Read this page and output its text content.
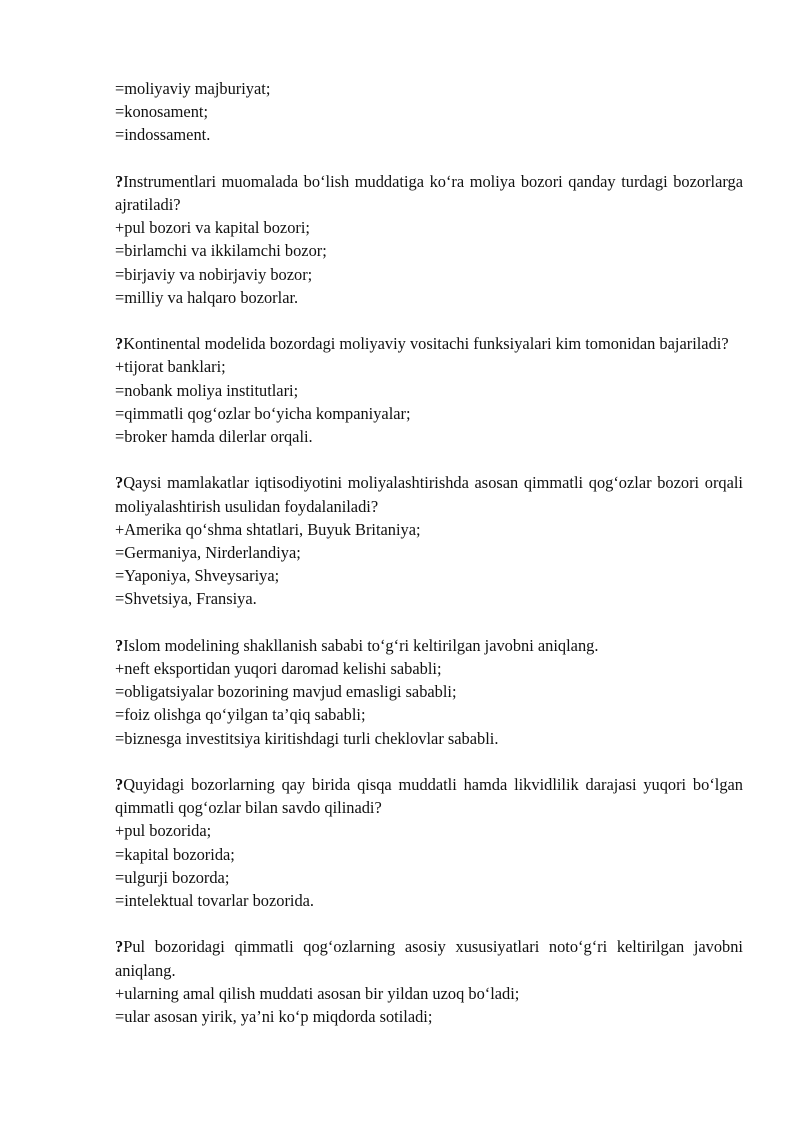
=moliyaviy majburiyat;

=konosament;

=indossament.

?Instrumentlari muomalada bo‘lish muddatiga ko‘ra moliya bozori qanday turdagi bozorlarga ajratiladi?

+pul bozori va kapital bozori;

=birlamchi va ikkilamchi bozor;

=birjaviy va nobirjaviy bozor;

=milliy va halqaro bozorlar.

?Kontinental modelida bozordagi moliyaviy vositachi funksiyalari kim tomonidan bajariladi?

+tijorat banklari;

=nobank moliya institutlari;

=qimmatli qog‘ozlar bo‘yicha kompaniyalar;

=broker hamda dilerlar orqali.

?Qaysi mamlakatlar iqtisodiyotini moliyalashtirishda asosan qimmatli qog‘ozlar bozori orqali moliyalashtirish usulidan foydalaniladi?

+Amerika qo‘shma shtatlari, Buyuk Britaniya;

=Germaniya, Nirderlandiya;

=Yaponiya, Shveysariya;

=Shvetsiya, Fransiya.

?Islom modelining shakllanish sababi to‘g‘ri keltirilgan javobni aniqlang.

+neft eksportidan yuqori daromad kelishi sababli;

=obligatsiyalar bozorining mavjud emasligi sababli;

=foiz olishga qo‘yilgan ta’qiq sababli;

=biznesga investitsiya kiritishdagi turli cheklovlar sababli.

?Quyidagi bozorlarning qay birida qisqa muddatli hamda likvidlilik darajasi yuqori bo‘lgan qimmatli qog‘ozlar bilan savdo qilinadi?

+pul bozorida;

=kapital bozorida;

=ulgurji bozorda;

=intelektual tovarlar bozorida.

?Pul bozoridagi qimmatli qog‘ozlarning asosiy xususiyatlari noto‘g‘ri keltirilgan javobni aniqlang.

+ularning amal qilish muddati asosan bir yildan uzoq bo‘ladi;

=ular asosan yirik, ya’ni ko‘p miqdorda sotiladi;
